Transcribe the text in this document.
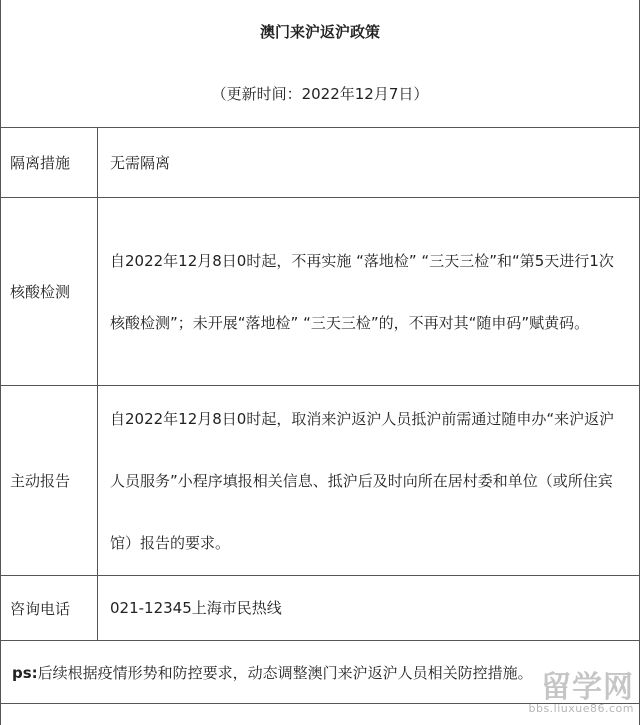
澳门来沪返沪政策
（更新时间：2022年12月7日）
隔离措施	无需隔离
核酸检测	自2022年12月8日0时起，不再实施 “落地检” “三天三检”和“第5天进行1次核酸检测”；未开展“落地检” “三天三检”的，不再对其“随申码”赋黄码。
主动报告	自2022年12月8日0时起，取消来沪返沪人员抵沪前需通过随申办“来沪返沪人员服务”小程序填报相关信息、抵沪后及时向所在居村委和单位（或所住宾馆）报告的要求。
咨询电话	021-12345上海市民热线
ps:后续根据疫情形势和防控要求，动态调整澳门来沪返沪人员相关防控措施。	留学网
bbs.liuxue86.com
